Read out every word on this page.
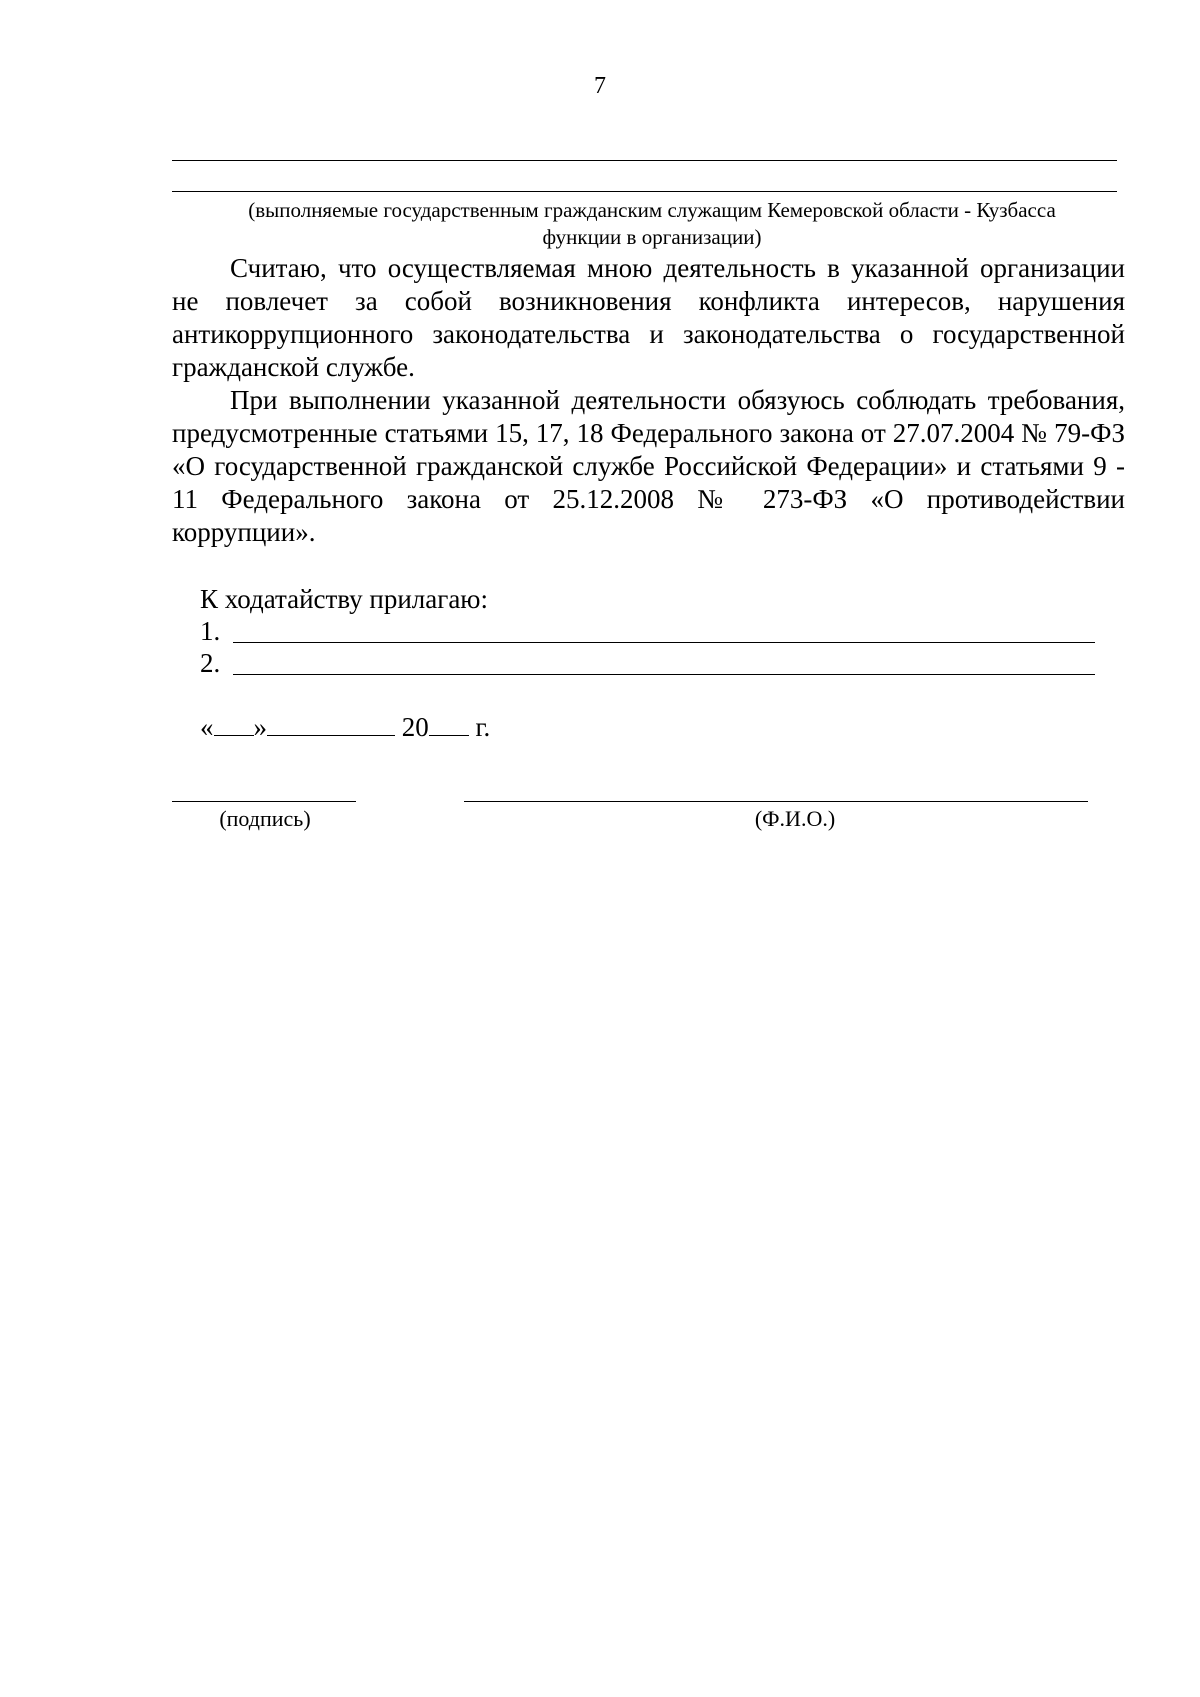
7
(выполняемые государственным гражданским служащим Кемеровской области - Кузбасса
функции в организации)

Считаю, что осуществляемая мною деятельность в указанной организации не повлечет за собой возникновения конфликта интересов, нарушения антикоррупционного законодательства и законодательства о государственной гражданской службе.

При выполнении указанной деятельности обязуюсь соблюдать требования, предусмотренные статьями 15, 17, 18 Федерального закона от 27.07.2004 № 79-ФЗ «О государственной гражданской службе Российской Федерации» и статьями 9 - 11 Федерального закона от 25.12.2008 № 273-ФЗ «О противодействии коррупции».

К ходатайству прилагаю:
1.
2.
« »	20 г.
(подпись)	(Ф.И.О.)
